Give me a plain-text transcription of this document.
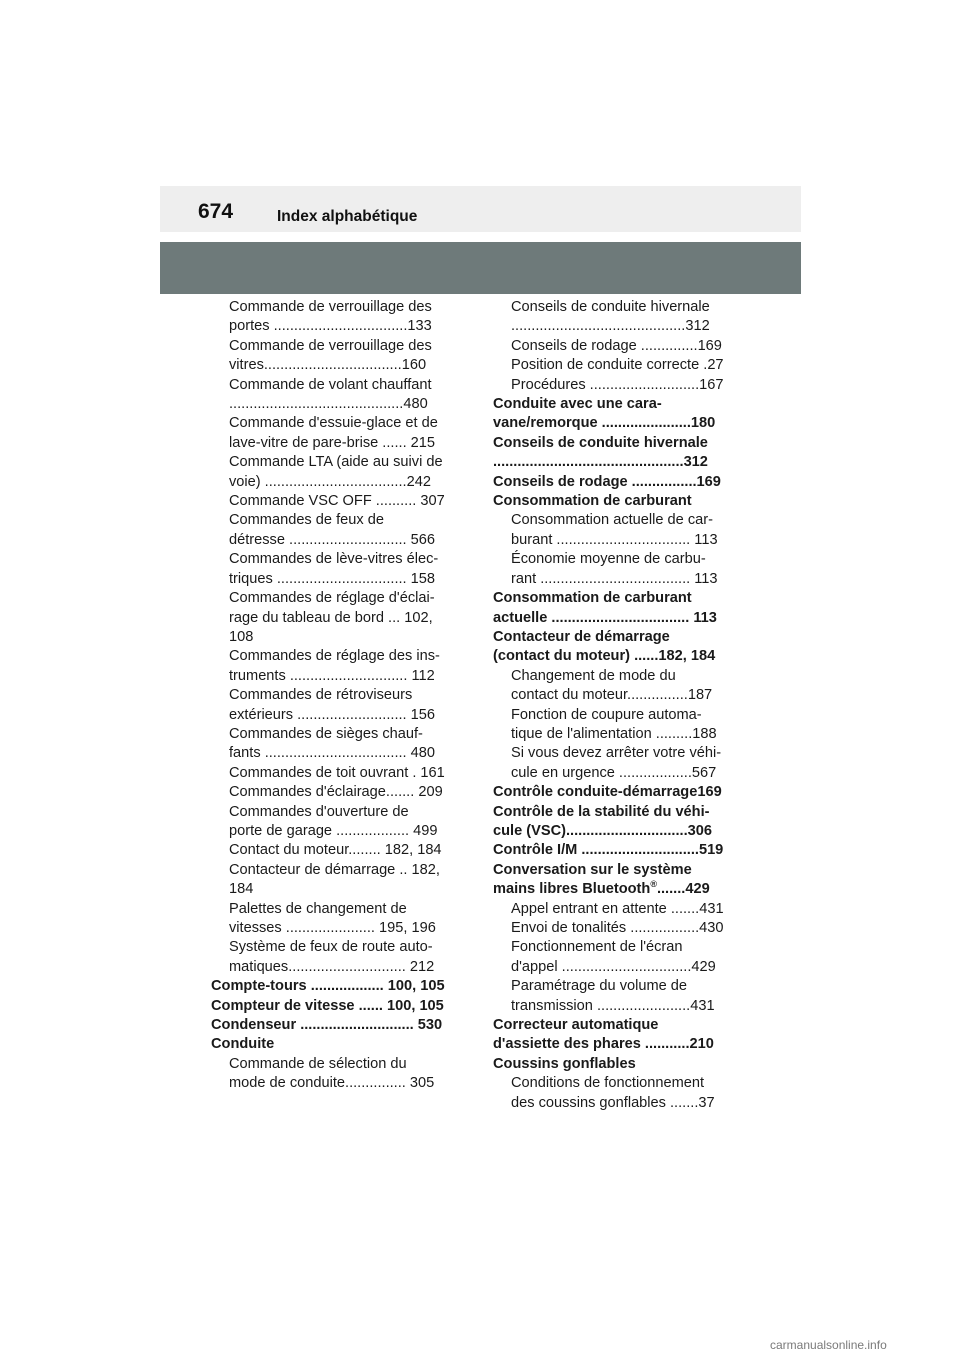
674	Index alphabétique
Commande de verrouillage des
portes .................................133
Commande de verrouillage des
vitres..................................160
Commande de volant chauffant
...........................................480
Commande d'essuie-glace et de
lave-vitre de pare-brise ...... 215
Commande LTA (aide au suivi de
voie) ...................................242
Commande VSC OFF .......... 307
Commandes de feux de
détresse ............................. 566
Commandes de lève-vitres élec-
triques ................................ 158
Commandes de réglage d'éclai-
rage du tableau de bord ... 102,
108
Commandes de réglage des ins-
truments ............................. 112
Commandes de rétroviseurs
extérieurs ........................... 156
Commandes de sièges chauf-
fants ................................... 480
Commandes de toit ouvrant . 161
Commandes d'éclairage....... 209
Commandes d'ouverture de
porte de garage .................. 499
Contact du moteur........ 182, 184
Contacteur de démarrage .. 182,
184
Palettes de changement de
vitesses ...................... 195, 196
Système de feux de route auto-
matiques............................. 212
Compte-tours .................. 100, 105
Compteur de vitesse ...... 100, 105
Condenseur ............................ 530
Conduite
Commande de sélection du
mode de conduite............... 305
Conseils de conduite hivernale
...........................................312
Conseils de rodage ..............169
Position de conduite correcte .27
Procédures ...........................167
Conduite avec une cara-
vane/remorque ......................180
Conseils de conduite hivernale
...............................................312
Conseils de rodage ................169
Consommation de carburant
Consommation actuelle de car-
burant ................................. 113
Économie moyenne de carbu-
rant ..................................... 113
Consommation de carburant
actuelle .................................. 113
Contacteur de démarrage
(contact du moteur) ......182, 184
Changement de mode du
contact du moteur...............187
Fonction de coupure automa-
tique de l'alimentation .........188
Si vous devez arrêter votre véhi-
cule en urgence ..................567
Contrôle conduite-démarrage169
Contrôle de la stabilité du véhi-
cule (VSC)..............................306
Contrôle I/M .............................519
Conversation sur le système
mains libres Bluetooth®.......429
Appel entrant en attente .......431
Envoi de tonalités .................430
Fonctionnement de l'écran
d'appel ................................429
Paramétrage du volume de
transmission .......................431
Correcteur automatique
d'assiette des phares ...........210
Coussins gonflables
Conditions de fonctionnement
des coussins gonflables .......37
carmanualsonline.info
